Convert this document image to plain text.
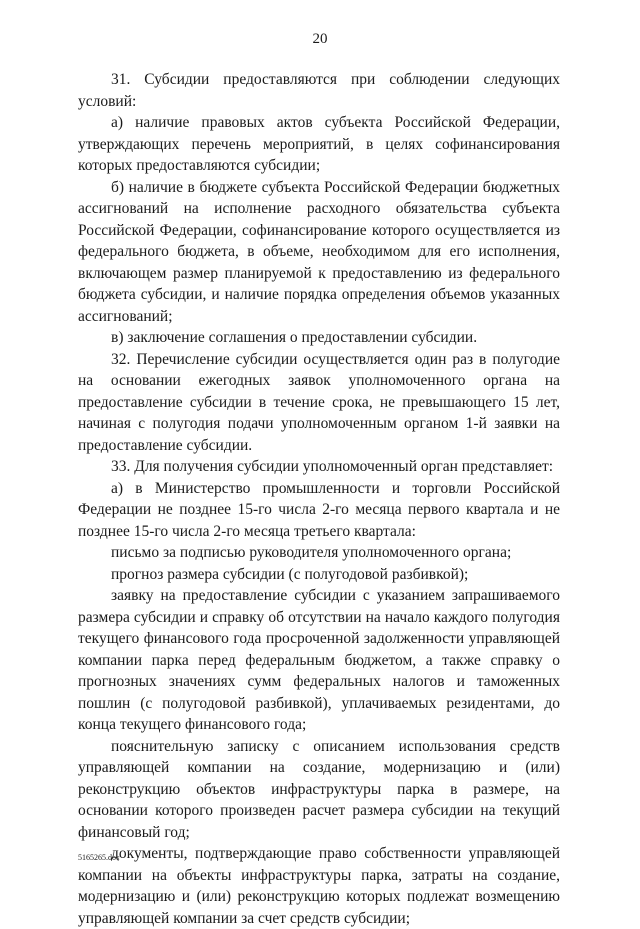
20

31. Субсидии предоставляются при соблюдении следующих условий:

а) наличие правовых актов субъекта Российской Федерации, утверждающих перечень мероприятий, в целях софинансирования которых предоставляются субсидии;

б) наличие в бюджете субъекта Российской Федерации бюджетных ассигнований на исполнение расходного обязательства субъекта Российской Федерации, софинансирование которого осуществляется из федерального бюджета, в объеме, необходимом для его исполнения, включающем размер планируемой к предоставлению из федерального бюджета субсидии, и наличие порядка определения объемов указанных ассигнований;

в) заключение соглашения о предоставлении субсидии.

32. Перечисление субсидии осуществляется один раз в полугодие на основании ежегодных заявок уполномоченного органа на предоставление субсидии в течение срока, не превышающего 15 лет, начиная с полугодия подачи уполномоченным органом 1-й заявки на предоставление субсидии.

33. Для получения субсидии уполномоченный орган представляет:

а) в Министерство промышленности и торговли Российской Федерации не позднее 15-го числа 2-го месяца первого квартала и не позднее 15-го числа 2-го месяца третьего квартала:

письмо за подписью руководителя уполномоченного органа;

прогноз размера субсидии (с полугодовой разбивкой);

заявку на предоставление субсидии с указанием запрашиваемого размера субсидии и справку об отсутствии на начало каждого полугодия текущего финансового года просроченной задолженности управляющей компании парка перед федеральным бюджетом, а также справку о прогнозных значениях сумм федеральных налогов и таможенных пошлин (с полугодовой разбивкой), уплачиваемых резидентами, до конца текущего финансового года;

пояснительную записку с описанием использования средств управляющей компании на создание, модернизацию и (или) реконструкцию объектов инфраструктуры парка в размере, на основании которого произведен расчет размера субсидии на текущий финансовый год;

документы, подтверждающие право собственности управляющей компании на объекты инфраструктуры парка, затраты на создание, модернизацию и (или) реконструкцию которых подлежат возмещению управляющей компании за счет средств субсидии;

5165265.doc
